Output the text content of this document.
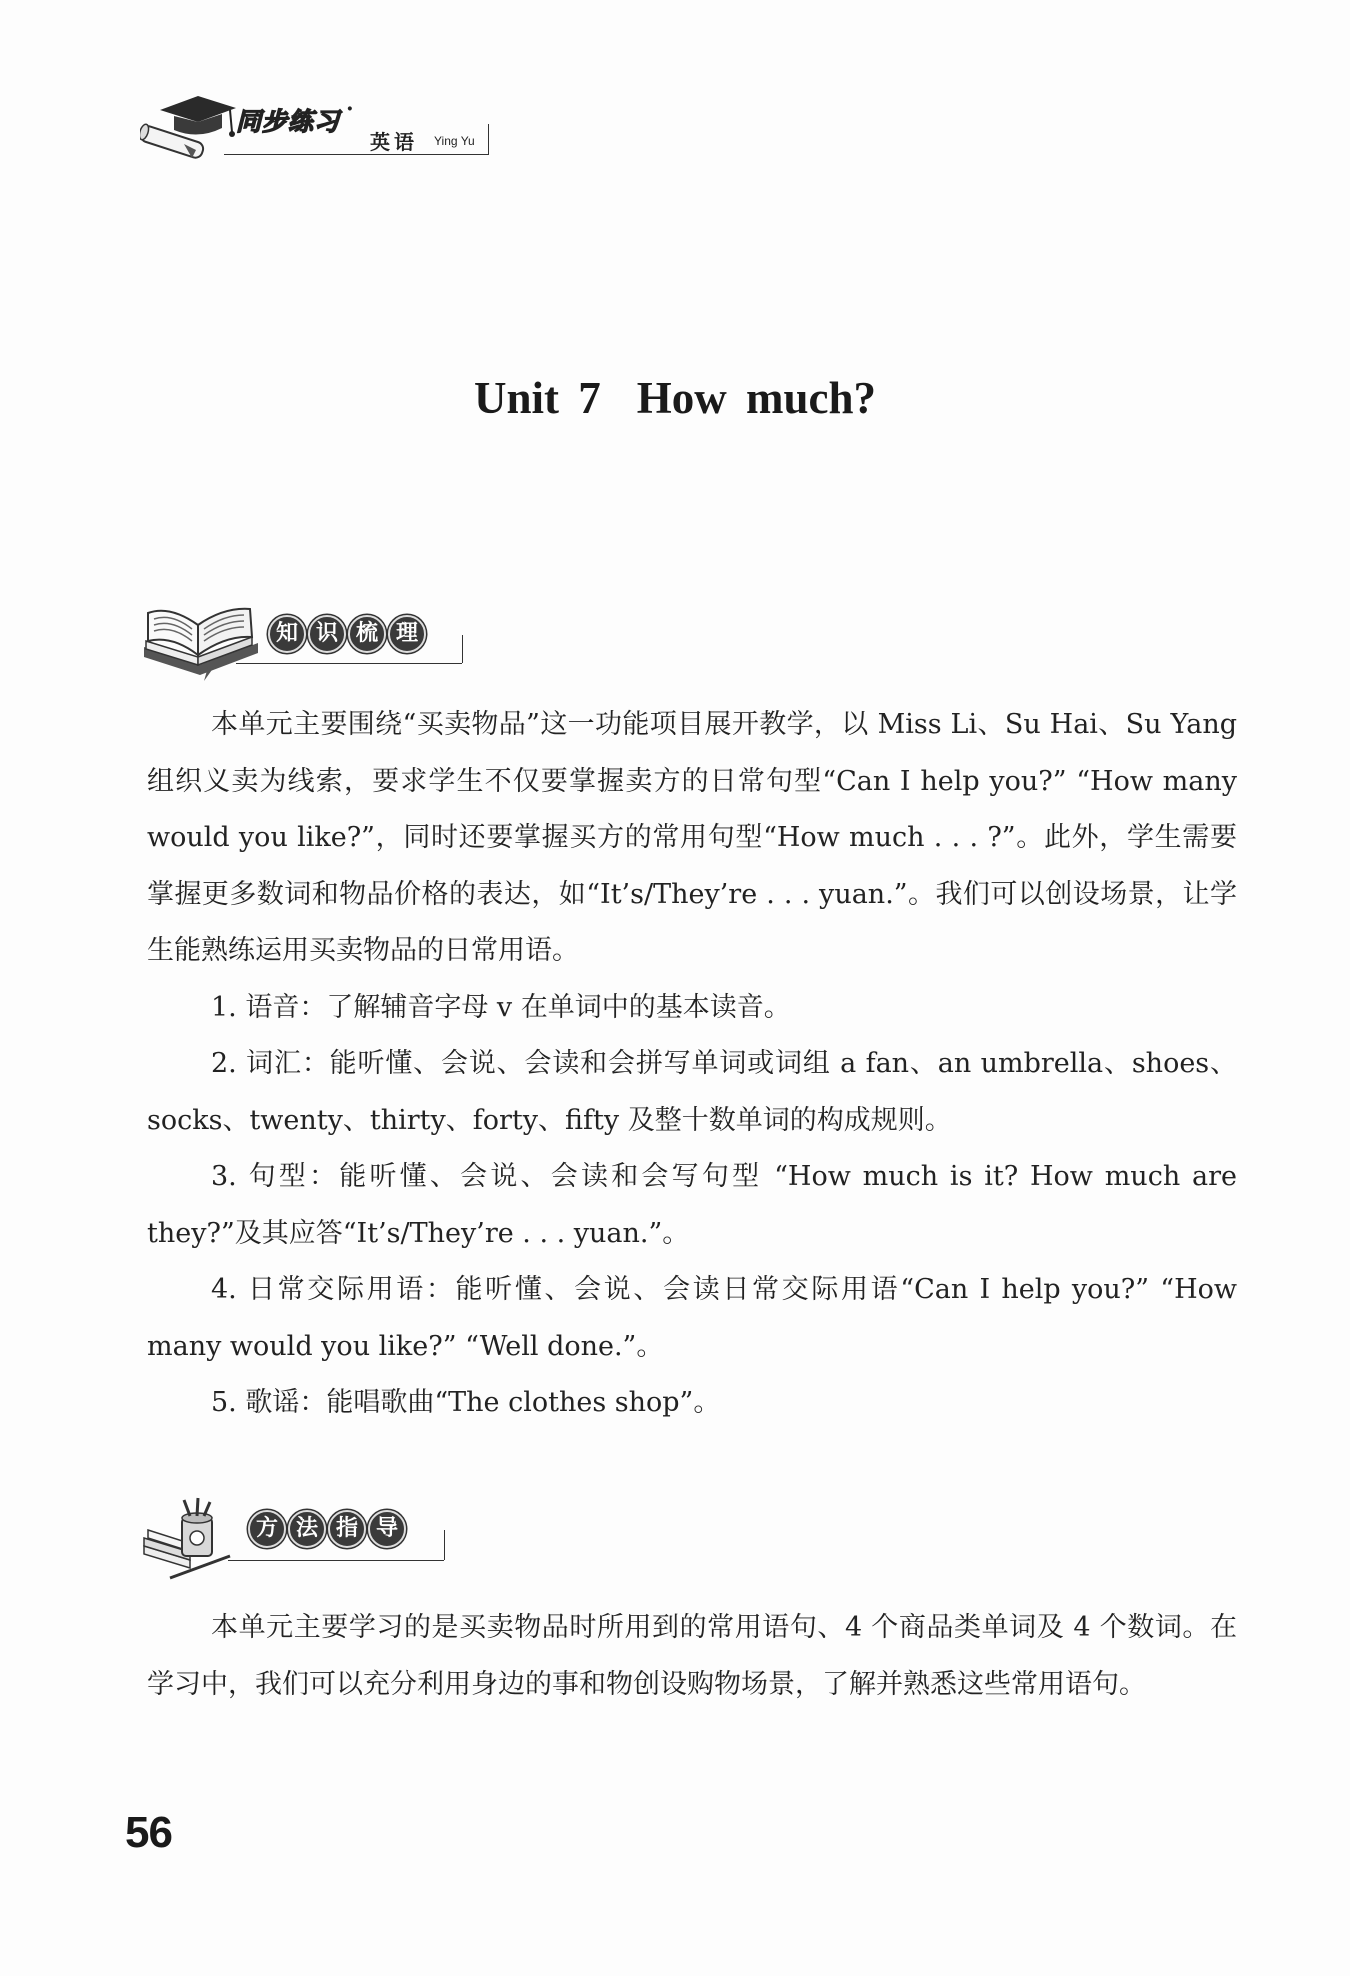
同步练习 ·
英语 Ying Yu
Unit 7 How much?
知 识 梳 理

本单元主要围绕“买卖物品”这一功能项目展开教学，以 Miss Li、Su Hai、Su Yang 组织义卖为线索，要求学生不仅要掌握卖方的日常句型“Can I help you?” “How many would you like?”，同时还要掌握买方的常用句型“How much . . . ?”。此外，学生需要掌握更多数词和物品价格的表达，如“It’s/They’re . . . yuan.”。我们可以创设场景，让学生能熟练运用买卖物品的日常用语。

1. 语音：了解辅音字母 v 在单词中的基本读音。

2. 词汇：能听懂、会说、会读和会拼写单词或词组 a fan、an umbrella、shoes、socks、twenty、thirty、forty、fifty 及整十数单词的构成规则。

3. 句型：能听懂、会说、会读和会写句型 “How much is it? How much are they?”及其应答“It’s/They’re . . . yuan.”。

4. 日常交际用语：能听懂、会说、会读日常交际用语“Can I help you?” “How many would you like?” “Well done.”。

5. 歌谣：能唱歌曲“The clothes shop”。

方 法 指 导

本单元主要学习的是买卖物品时所用到的常用语句、4 个商品类单词及 4 个数词。在学习中，我们可以充分利用身边的事和物创设购物场景，了解并熟悉这些常用语句。

56
